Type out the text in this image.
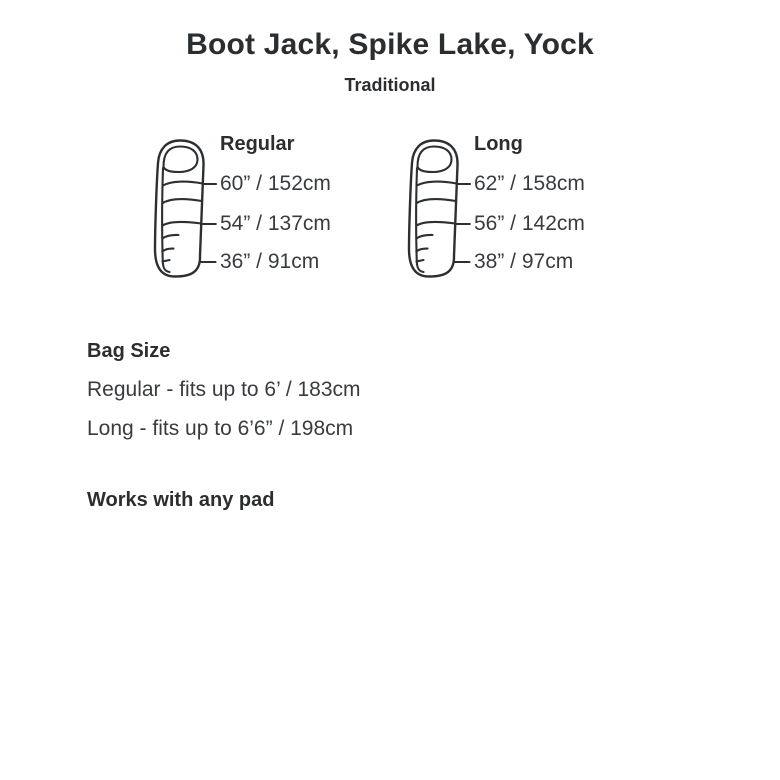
Boot Jack, Spike Lake, Yock
Traditional
Regular
60” / 152cm
54” / 137cm
36” / 91cm
Long
62” / 158cm
56” / 142cm
38” / 97cm
Bag Size
Regular - fits up to 6’ / 183cm
Long - fits up to 6’6” / 198cm
Works with any pad
